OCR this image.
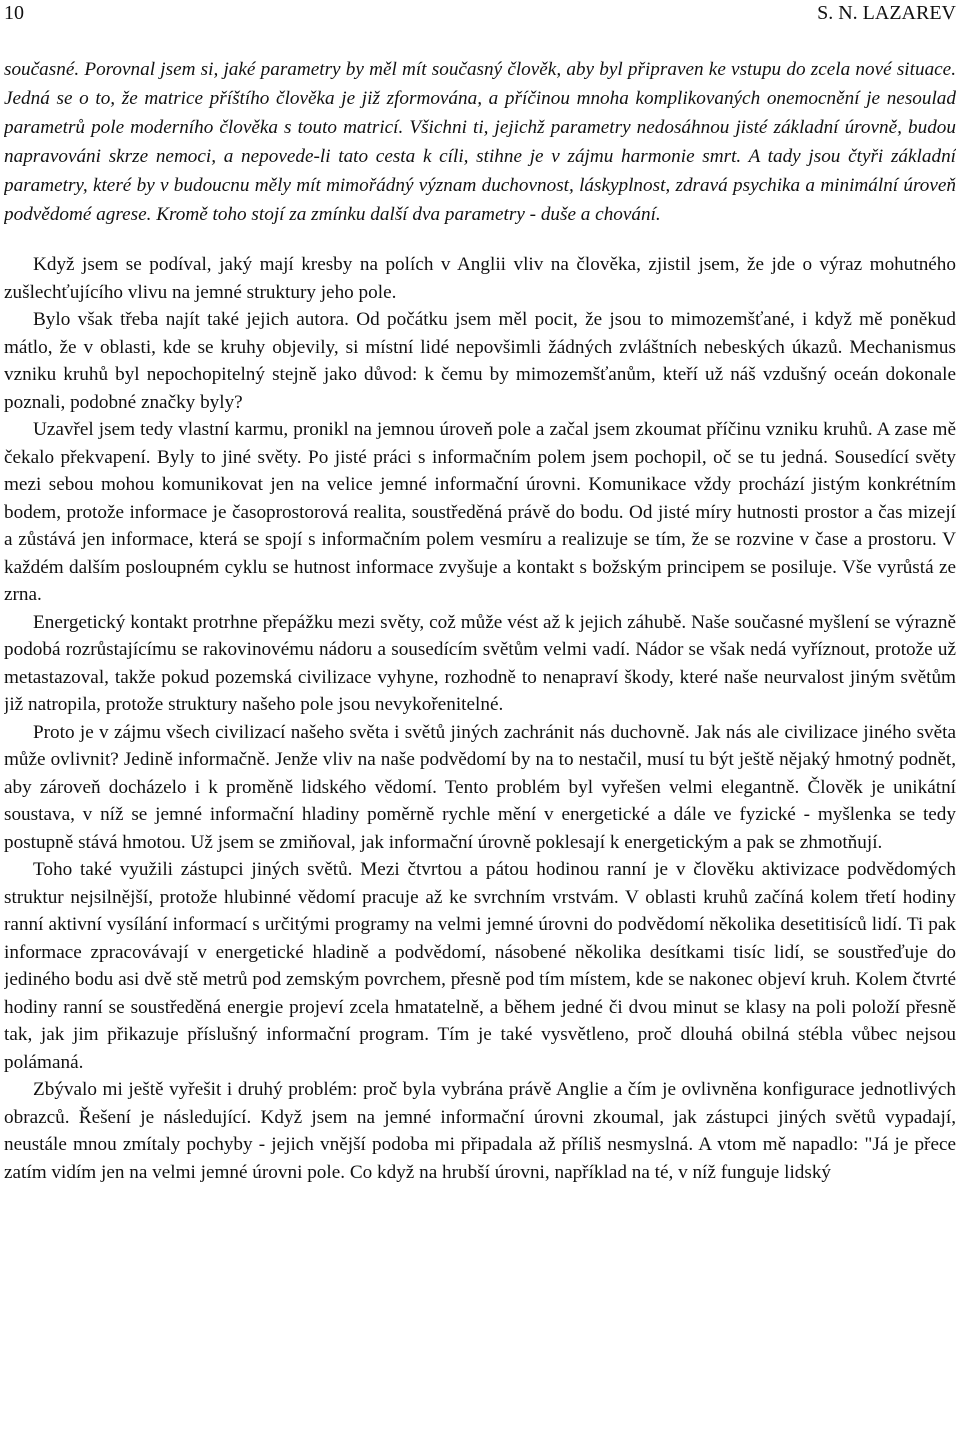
10	S. N. LAZAREV

současné. Porovnal jsem si, jaké parametry by měl mít současný člověk, aby byl připraven ke vstupu do zcela nové situace. Jedná se o to, že matrice příštího člověka je již zformována, a příčinou mnoha komplikovaných onemocnění je nesoulad parametrů pole moderního člověka s touto matricí. Všichni ti, jejichž parametry nedosáhnou jisté základní úrovně, budou napravováni skrze nemoci, a nepovede-li tato cesta k cíli, stihne je v zájmu harmonie smrt. A tady jsou čtyři základní parametry, které by v budoucnu měly mít mimořádný význam duchovnost, láskyplnost, zdravá psychika a minimální úroveň podvědomé agrese. Kromě toho stojí za zmínku další dva parametry - duše a chování.

Když jsem se podíval, jaký mají kresby na polích v Anglii vliv na člověka, zjistil jsem, že jde o výraz mohutného zušlechťujícího vlivu na jemné struktury jeho pole.

Bylo však třeba najít také jejich autora. Od počátku jsem měl pocit, že jsou to mimozemšťané, i když mě poněkud mátlo, že v oblasti, kde se kruhy objevily, si místní lidé nepovšimli žádných zvláštních nebeských úkazů. Mechanismus vzniku kruhů byl nepochopitelný stejně jako důvod: k čemu by mimozemšťanům, kteří už náš vzdušný oceán dokonale poznali, podobné značky byly?

Uzavřel jsem tedy vlastní karmu, pronikl na jemnou úroveň pole a začal jsem zkoumat příčinu vzniku kruhů. A zase mě čekalo překvapení. Byly to jiné světy. Po jisté práci s informačním polem jsem pochopil, oč se tu jedná. Sousedící světy mezi sebou mohou komunikovat jen na velice jemné informační úrovni. Komunikace vždy prochází jistým konkrétním bodem, protože informace je časoprostorová realita, soustředěná právě do bodu. Od jisté míry hutnosti prostor a čas mizejí a zůstává jen informace, která se spojí s informačním polem vesmíru a realizuje se tím, že se rozvine v čase a prostoru. V každém dalším posloupném cyklu se hutnost informace zvyšuje a kontakt s božským principem se posiluje. Vše vyrůstá ze zrna.

Energetický kontakt protrhne přepážku mezi světy, což může vést až k jejich záhubě. Naše současné myšlení se výrazně podobá rozrůstajícímu se rakovinovému nádoru a sousedícím světům velmi vadí. Nádor se však nedá vyříznout, protože už metastazoval, takže pokud pozemská civilizace vyhyne, rozhodně to nenapraví škody, které naše neurvalost jiným světům již natropila, protože struktury našeho pole jsou nevykořenitelné.

Proto je v zájmu všech civilizací našeho světa i světů jiných zachránit nás duchovně. Jak nás ale civilizace jiného světa může ovlivnit? Jedině informačně. Jenže vliv na naše podvědomí by na to nestačil, musí tu být ještě nějaký hmotný podnět, aby zároveň docházelo i k proměně lidského vědomí. Tento problém byl vyřešen velmi elegantně. Člověk je unikátní soustava, v níž se jemné informační hladiny poměrně rychle mění v energetické a dále ve fyzické - myšlenka se tedy postupně stává hmotou. Už jsem se zmiňoval, jak informační úrovně poklesají k energetickým a pak se zhmotňují.

Toho také využili zástupci jiných světů. Mezi čtvrtou a pátou hodinou ranní je v člověku aktivizace podvědomých struktur nejsilnější, protože hlubinné vědomí pracuje až ke svrchním vrstvám. V oblasti kruhů začíná kolem třetí hodiny ranní aktivní vysílání informací s určitými programy na velmi jemné úrovni do podvědomí několika desetitisíců lidí. Ti pak informace zpracovávají v energetické hladině a podvědomí, násobené několika desítkami tisíc lidí, se soustřeďuje do jediného bodu asi dvě stě metrů pod zemským povrchem, přesně pod tím místem, kde se nakonec objeví kruh. Kolem čtvrté hodiny ranní se soustředěná energie projeví zcela hmatatelně, a během jedné či dvou minut se klasy na poli položí přesně tak, jak jim přikazuje příslušný informační program. Tím je také vysvětleno, proč dlouhá obilná stébla vůbec nejsou polámaná.

Zbývalo mi ještě vyřešit i druhý problém: proč byla vybrána právě Anglie a čím je ovlivněna konfigurace jednotlivých obrazců. Řešení je následující. Když jsem na jemné informační úrovni zkoumal, jak zástupci jiných světů vypadají, neustále mnou zmítaly pochyby - jejich vnější podoba mi připadala až příliš nesmyslná. A vtom mě napadlo: "Já je přece zatím vidím jen na velmi jemné úrovni pole. Co když na hrubší úrovni, například na té, v níž funguje lidský
